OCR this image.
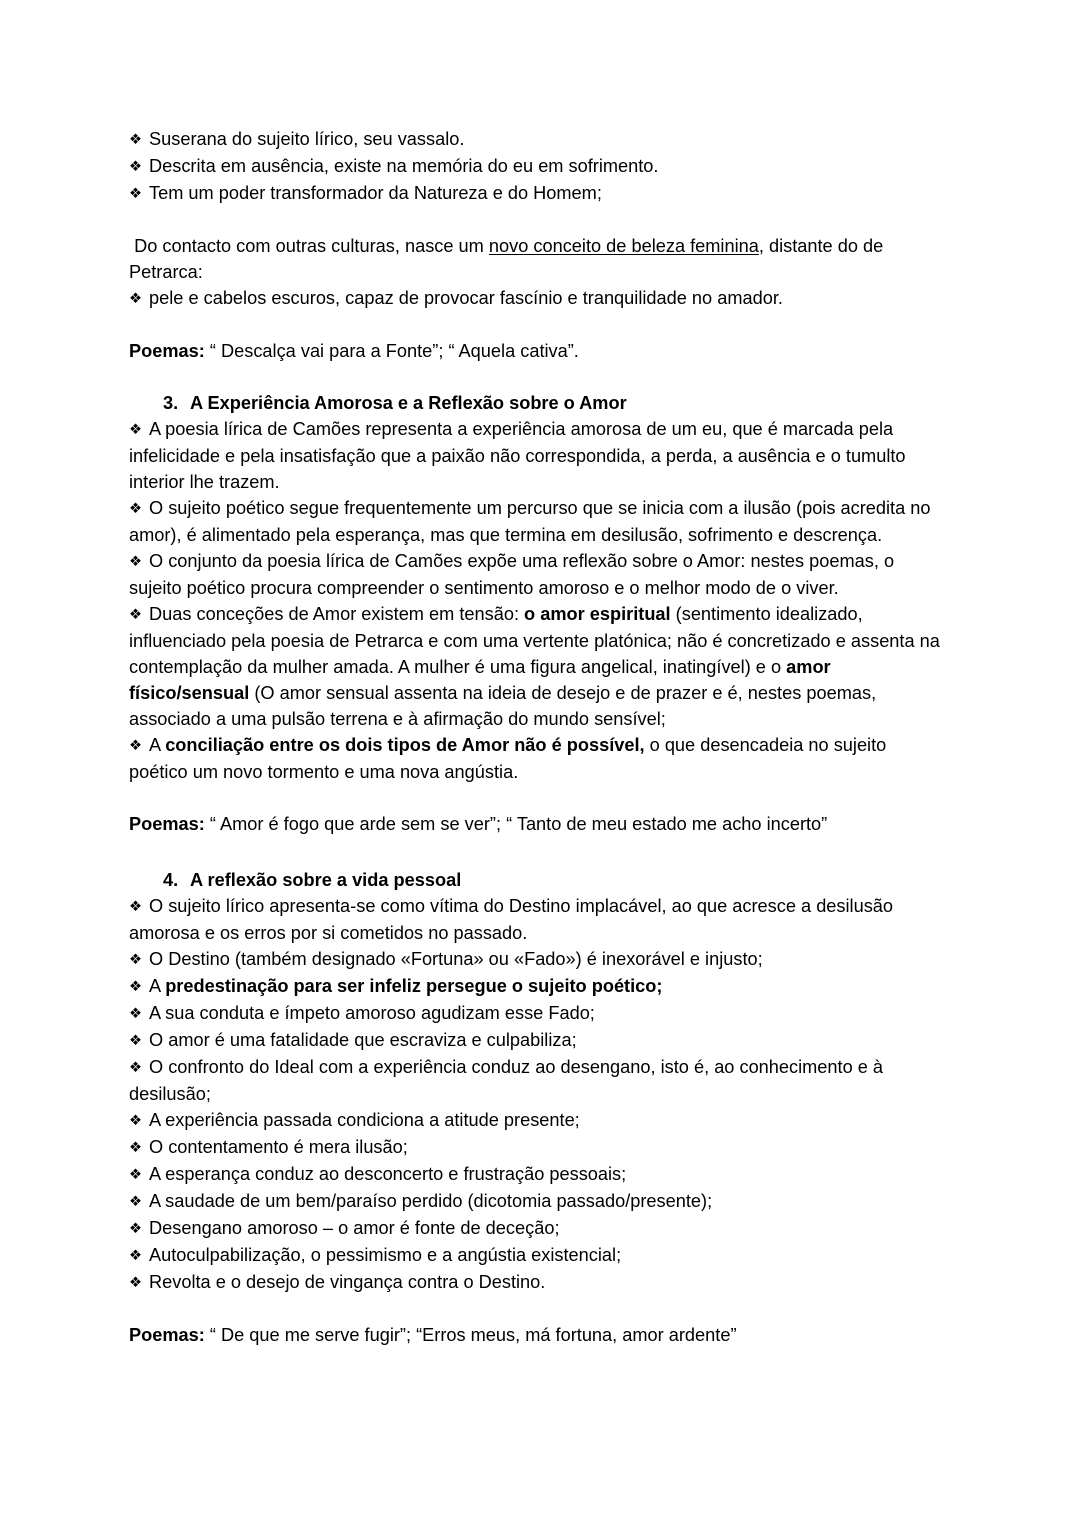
❖ Suserana do sujeito lírico, seu vassalo.
❖ Descrita em ausência, existe na memória do eu em sofrimento.
❖ Tem um poder transformador da Natureza e do Homem;
Do contacto com outras culturas, nasce um novo conceito de beleza feminina, distante do de Petrarca:
❖ pele e cabelos escuros, capaz de provocar fascínio e tranquilidade no amador.
Poemas: “ Descalça vai para a Fonte”; “ Aquela cativa”.
3. A Experiência Amorosa e a Reflexão sobre o Amor
❖ A poesia lírica de Camões representa a experiência amorosa de um eu, que é marcada pela infelicidade e pela insatisfação que a paixão não correspondida, a perda, a ausência e o tumulto interior lhe trazem.
❖ O sujeito poético segue frequentemente um percurso que se inicia com a ilusão (pois acredita no amor), é alimentado pela esperança, mas que termina em desilusão, sofrimento e descrença.
❖ O conjunto da poesia lírica de Camões expõe uma reflexão sobre o Amor: nestes poemas, o sujeito poético procura compreender o sentimento amoroso e o melhor modo de o viver.
❖ Duas conceções de Amor existem em tensão: o amor espiritual (sentimento idealizado, influenciado pela poesia de Petrarca e com uma vertente platónica; não é concretizado e assenta na contemplação da mulher amada. A mulher é uma figura angelical, inatingível) e o amor físico/sensual (O amor sensual assenta na ideia de desejo e de prazer e é, nestes poemas, associado a uma pulsão terrena e à afirmação do mundo sensível;
❖ A conciliação entre os dois tipos de Amor não é possível, o que desencadeia no sujeito poético um novo tormento e uma nova angústia.
Poemas: “ Amor é fogo que arde sem se ver”; “ Tanto de meu estado me acho incerto”
4. A reflexão sobre a vida pessoal
❖ O sujeito lírico apresenta-se como vítima do Destino implacável, ao que acresce a desilusão amorosa e os erros por si cometidos no passado.
❖ O Destino (também designado «Fortuna» ou «Fado») é inexorável e injusto;
❖ A predestinação para ser infeliz persegue o sujeito poético;
❖ A sua conduta e ímpeto amoroso agudizam esse Fado;
❖ O amor é uma fatalidade que escraviza e culpabiliza;
❖ O confronto do Ideal com a experiência conduz ao desengano, isto é, ao conhecimento e à desilusão;
❖ A experiência passada condiciona a atitude presente;
❖ O contentamento é mera ilusão;
❖ A esperança conduz ao desconcerto e frustração pessoais;
❖ A saudade de um bem/paraíso perdido (dicotomia passado/presente);
❖ Desengano amoroso – o amor é fonte de deceção;
❖ Autoculpabilização, o pessimismo e a angústia existencial;
❖ Revolta e o desejo de vingança contra o Destino.
Poemas: “ De que me serve fugir”; “Erros meus, má fortuna, amor ardente”
